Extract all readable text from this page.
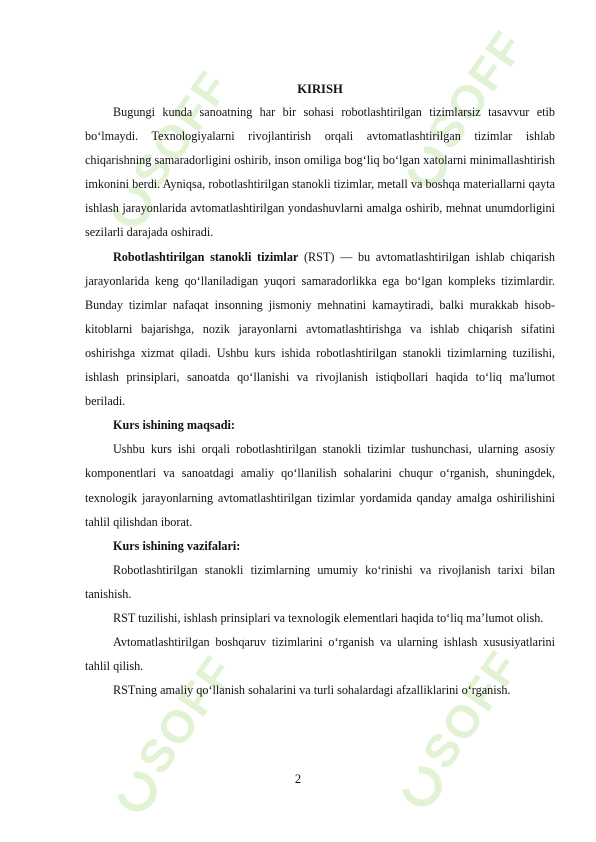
SOFF	SOFF
SOFF	SOFF
KIRISH

Bugungi kunda sanoatning har bir sohasi robotlashtirilgan tizimlarsiz tasavvur etib bo‘lmaydi. Texnologiyalarni rivojlantirish orqali avtomatlashtirilgan tizimlar ishlab chiqarishning samaradorligini oshirib, inson omiliga bog‘liq bo‘lgan xatolarni minimallashtirish imkonini berdi. Ayniqsa, robotlashtirilgan stanokli tizimlar, metall va boshqa materiallarni qayta ishlash jarayonlarida avtomatlashtirilgan yondashuvlarni amalga oshirib, mehnat unumdorligini sezilarli darajada oshiradi.

Robotlashtirilgan stanokli tizimlar (RST) — bu avtomatlashtirilgan ishlab chiqarish jarayonlarida keng qo‘llaniladigan yuqori samaradorlikka ega bo‘lgan kompleks tizimlardir. Bunday tizimlar nafaqat insonning jismoniy mehnatini kamaytiradi, balki murakkab hisob-kitoblarni bajarishga, nozik jarayonlarni avtomatlashtirishga va ishlab chiqarish sifatini oshirishga xizmat qiladi. Ushbu kurs ishida robotlashtirilgan stanokli tizimlarning tuzilishi, ishlash prinsiplari, sanoatda qo‘llanishi va rivojlanish istiqbollari haqida to‘liq ma'lumot beriladi.

Kurs ishining maqsadi:

Ushbu kurs ishi orqali robotlashtirilgan stanokli tizimlar tushunchasi, ularning asosiy komponentlari va sanoatdagi amaliy qo‘llanilish sohalarini chuqur o‘rganish, shuningdek, texnologik jarayonlarning avtomatlashtirilgan tizimlar yordamida qanday amalga oshirilishini tahlil qilishdan iborat.

Kurs ishining vazifalari:

Robotlashtirilgan stanokli tizimlarning umumiy ko‘rinishi va rivojlanish tarixi bilan tanishish.

RST tuzilishi, ishlash prinsiplari va texnologik elementlari haqida to‘liq ma’lumot olish.

Avtomatlashtirilgan boshqaruv tizimlarini o‘rganish va ularning ishlash xususiyatlarini tahlil qilish.

RSTning amaliy qo‘llanish sohalarini va turli sohalardagi afzalliklarini o‘rganish.

2
